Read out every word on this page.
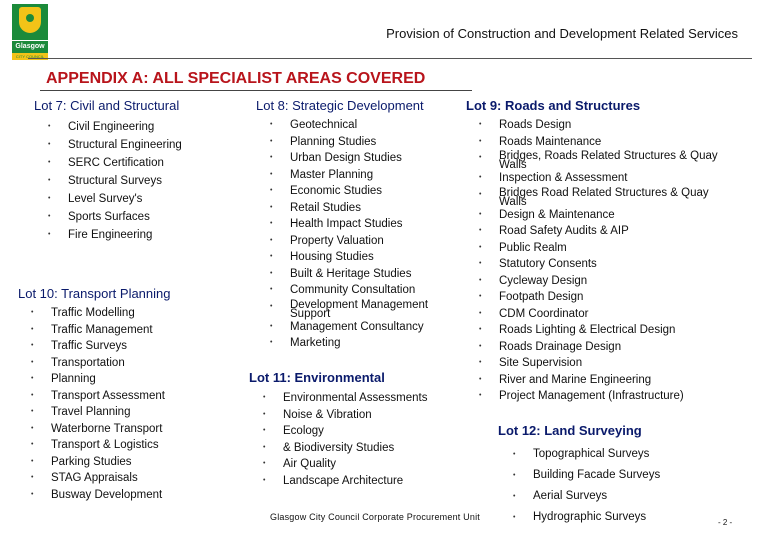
Glasgow
CITY COUNCIL
Provision of Construction and Development Related Services
APPENDIX A: ALL SPECIALIST AREAS COVERED
Lot 7: Civil and Structural
• Civil Engineering
• Structural Engineering
• SERC Certification
• Structural Surveys
• Level Survey's
• Sports Surfaces
• Fire Engineering
Lot 8: Strategic Development
• Geotechnical
• Planning Studies
• Urban Design Studies
• Master Planning
• Economic Studies
• Retail Studies
• Health Impact Studies
• Property Valuation
• Housing Studies
• Built & Heritage Studies
• Community Consultation
• Development Management Support
• Management Consultancy
• Marketing
Lot 9: Roads and Structures
• Roads Design
• Roads Maintenance
• Bridges, Roads Related Structures & Quay Walls
• Inspection & Assessment
• Bridges Road Related Structures & Quay Walls
• Design & Maintenance
• Road Safety Audits & AIP
• Public Realm
• Statutory Consents
• Cycleway Design
• Footpath Design
• CDM Coordinator
• Roads Lighting & Electrical Design
• Roads Drainage Design
• Site Supervision
• River and Marine Engineering
• Project Management (Infrastructure)
Lot 10: Transport Planning
• Traffic Modelling
• Traffic Management
• Traffic Surveys
• Transportation
• Planning
• Transport Assessment
• Travel Planning
• Waterborne Transport
• Transport & Logistics
• Parking Studies
• STAG Appraisals
• Busway Development
Lot 11: Environmental
• Environmental Assessments
• Noise & Vibration
• Ecology
• & Biodiversity Studies
• Air Quality
• Landscape Architecture
Lot 12: Land Surveying
• Topographical Surveys
• Building Facade Surveys
• Aerial Surveys
• Hydrographic Surveys
Glasgow City Council Corporate Procurement Unit
- 2 -
